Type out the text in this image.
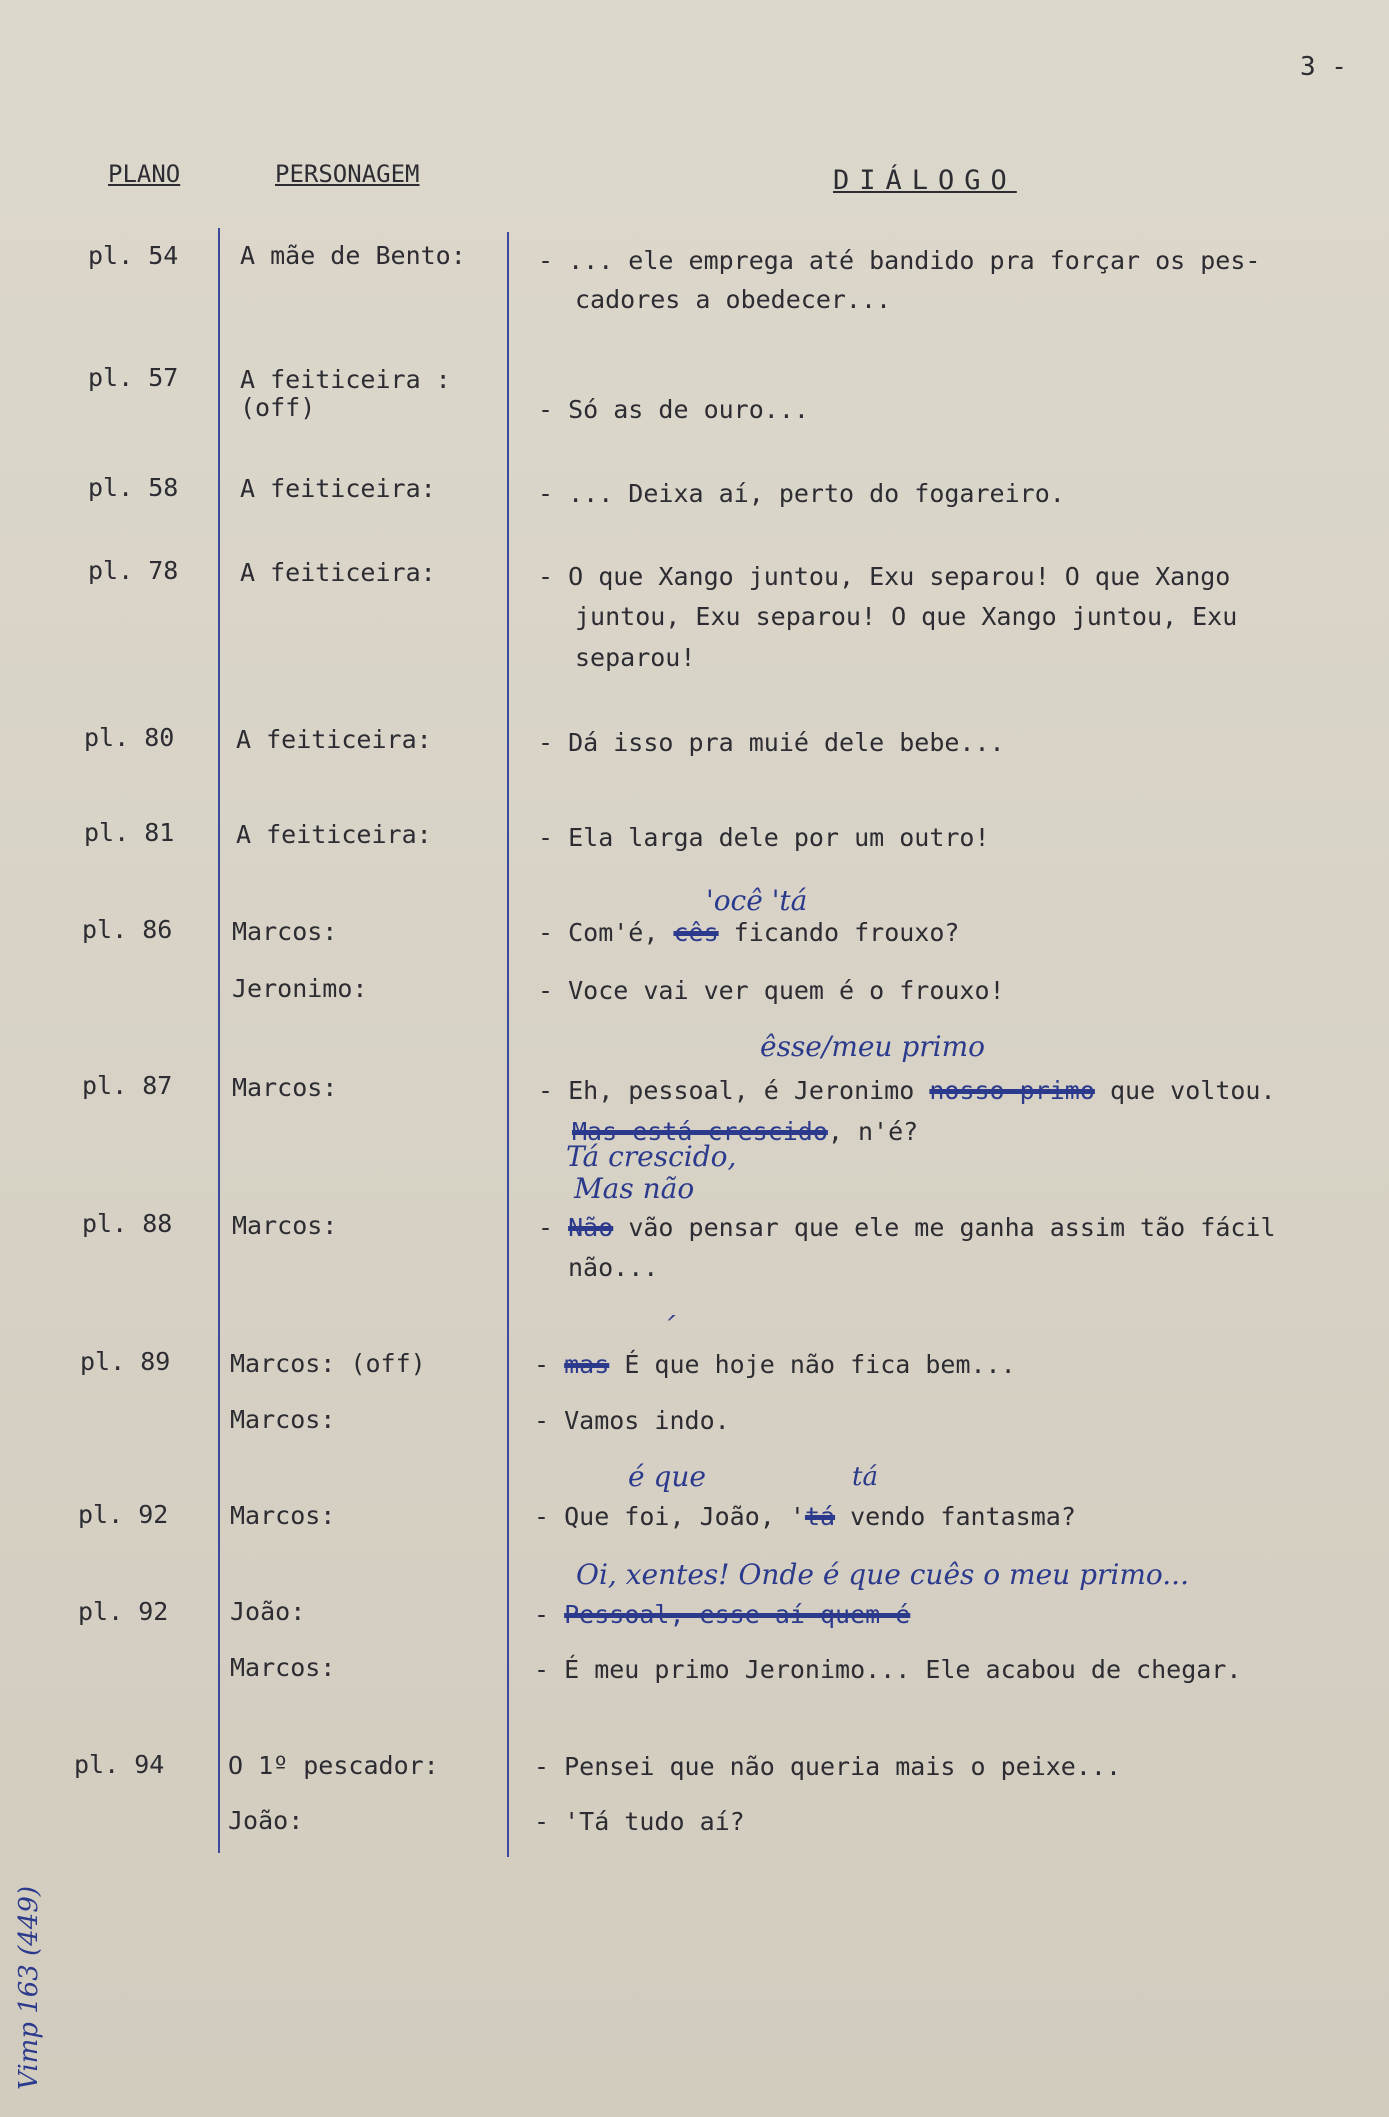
3 -
PLANO	PERSONAGEM	DIÁLOGO
pl. 54 A mãe de Bento:	- ... ele emprega até bandido pra forçar os pes-
cadores a obedecer...
pl. 57 A feiticeira :
(off)	- Só as de ouro...
pl. 58 A feiticeira:	- ... Deixa aí, perto do fogareiro.
pl. 78 A feiticeira:	- O que Xango juntou, Exu separou! O que Xango
juntou, Exu separou! O que Xango juntou, Exu
separou!
pl. 80 A feiticeira:	- Dá isso pra muié dele bebe...
pl. 81 A feiticeira:	- Ela larga dele por um outro!
'ocê 'tá
pl. 86 Marcos:	- Com'é, cês ficando frouxo?
Jeronimo:	- Voce vai ver quem é o frouxo!
êsse/meu primo
pl. 87 Marcos:	- Eh, pessoal, é Jeronimo nosso primo que voltou.
Mas está crescido, n'é?
Tá crescido,
Mas não
pl. 88 Marcos:	- Não vão pensar que ele me ganha assim tão fácil
não...
´
pl. 89 Marcos: (off)	- mas É que hoje não fica bem...
Marcos:	- Vamos indo.
é que	tá
pl. 92 Marcos:	- Que foi, João, 'tá vendo fantasma?
Oi, xentes! Onde é que cuês o meu primo...
pl. 92 João:	- Pessoal, esse aí quem é
Marcos:	- É meu primo Jeronimo... Ele acabou de chegar.
pl. 94	O 1º pescador:	- Pensei que não queria mais o peixe...
João:	- 'Tá tudo aí?
Vimp 163 (449)
